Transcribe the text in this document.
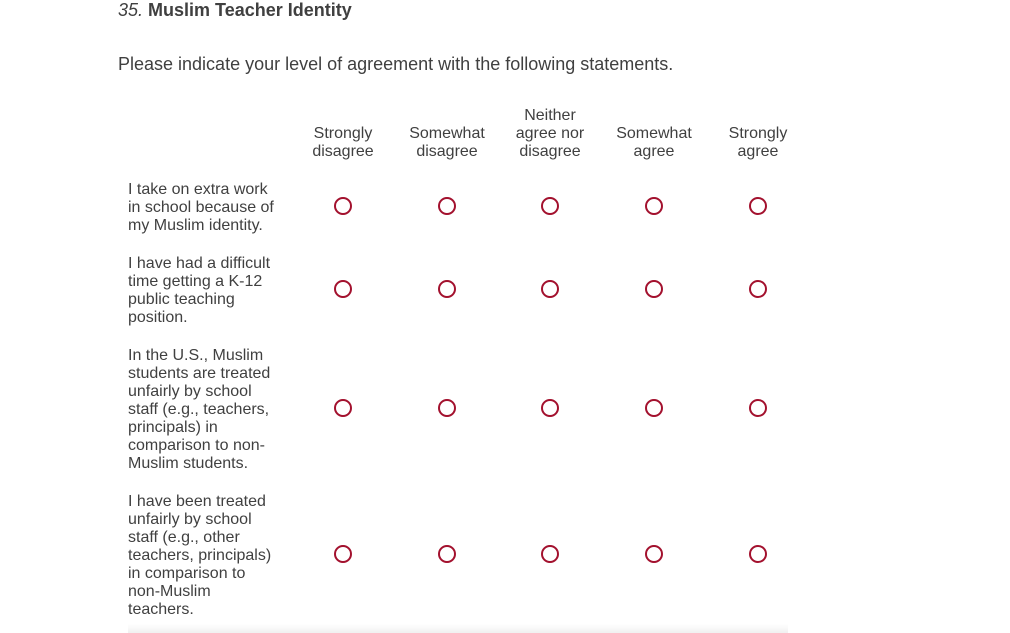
35. Muslim Teacher Identity
Please indicate your level of agreement with the following statements.
Strongly disagree
Somewhat disagree
Neither agree nor disagree
Somewhat agree
Strongly agree
I take on extra work in school because of my Muslim identity.
I have had a difficult time getting a K-12 public teaching position.
In the U.S., Muslim students are treated unfairly by school staff (e.g., teachers, principals) in comparison to non-Muslim students.
I have been treated unfairly by school staff (e.g., other teachers, principals) in comparison to non-Muslim teachers.
